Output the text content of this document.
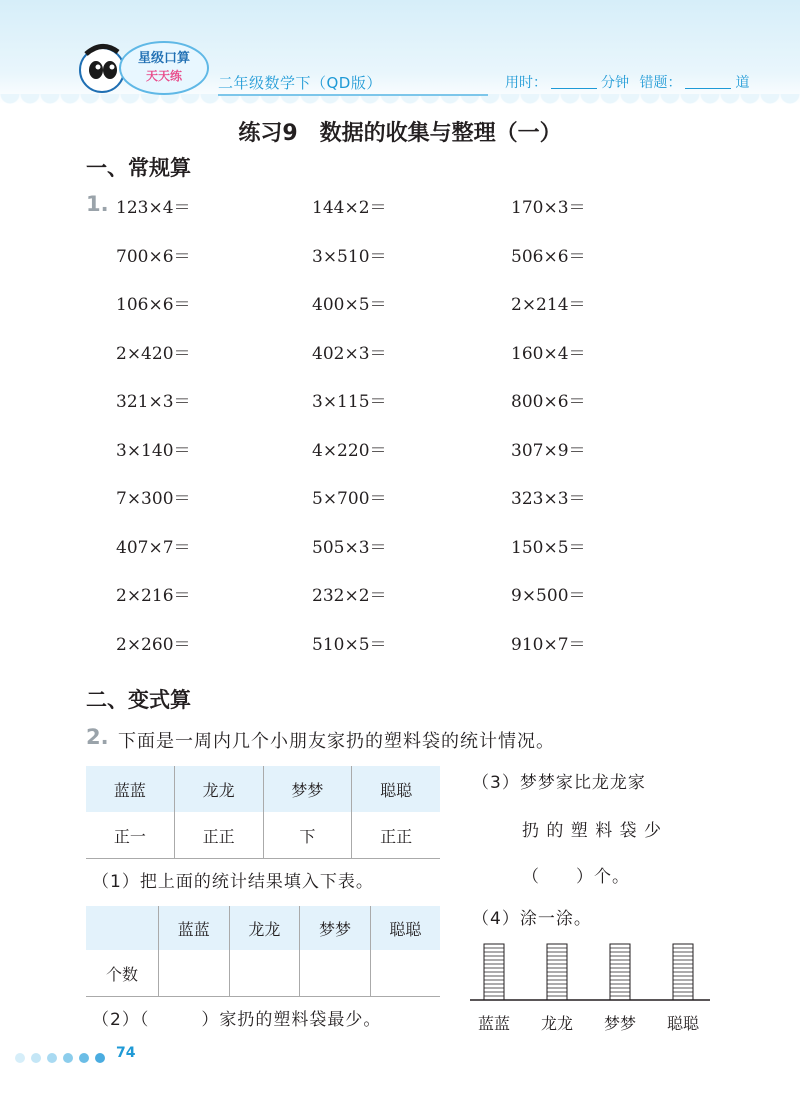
星级口算
天天练 二年级数学下（QD版）	用时：	分钟 错题：	道
练习9　数据的收集与整理（一）
一、常规算
1. 123×4＝	144×2＝	170×3＝
700×6＝	3×510＝	506×6＝
106×6＝	400×5＝	2×214＝
2×420＝	402×3＝	160×4＝
321×3＝	3×115＝	800×6＝
3×140＝	4×220＝	307×9＝
7×300＝	5×700＝	323×3＝
407×7＝	505×3＝	150×5＝
2×216＝	232×2＝	9×500＝
2×260＝	510×5＝	910×7＝
二、变式算
2. 下面是一周内几个小朋友家扔的塑料袋的统计情况。
蓝蓝	龙龙	梦梦	聪聪
正⼀	正正	下	正正
（1）把上面的统计结果填入下表。
	蓝蓝	龙龙	梦梦	聪聪
个数				
（2）（	）家扔的塑料袋最少。
（3）梦梦家比龙龙家
扔 的 塑 料 袋 少
（　　）个。
（4）涂一涂。
蓝蓝 龙龙 梦梦 聪聪
74
